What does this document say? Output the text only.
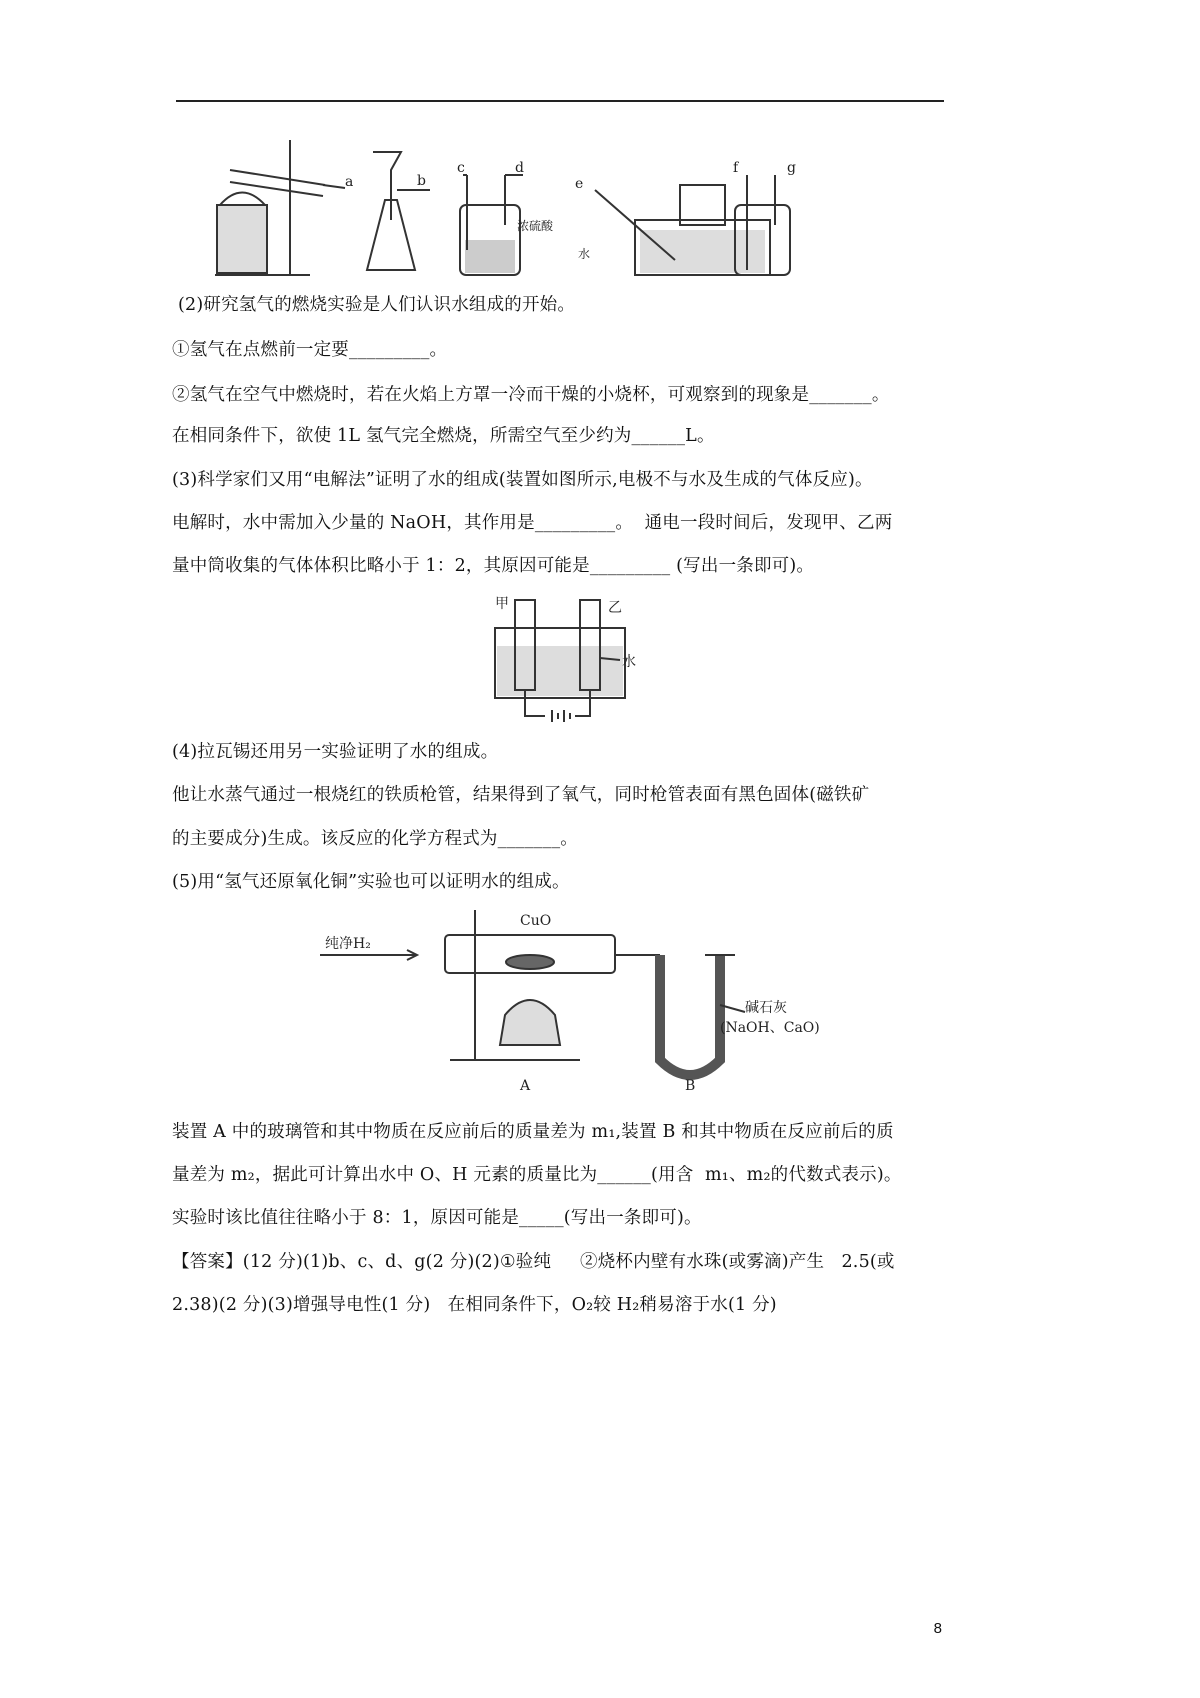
a	b
c	d
浓硫酸
e
水
f	g
甲	乙
水
纯净H₂
CuO
碱石灰
(NaOH、CaO)
A	B
(2)研究氢气的燃烧实验是人们认识水组成的开始。
①氢气在点燃前一定要_________。
②氢气在空气中燃烧时，若在火焰上方罩一冷而干燥的小烧杯，可观察到的现象是_______。
在相同条件下，欲使 1L 氢气完全燃烧，所需空气至少约为______L。
(3)科学家们又用“电解法”证明了水的组成(装置如图所示,电极不与水及生成的气体反应)。
电解时，水中需加入少量的 NaOH，其作用是_________。  通电一段时间后，发现甲、乙两
量中筒收集的气体体积比略小于 1：2，其原因可能是_________ (写出一条即可)。
(4)拉瓦锡还用另一实验证明了水的组成。
他让水蒸气通过一根烧红的铁质枪管，结果得到了氧气，同时枪管表面有黑色固体(磁铁矿
的主要成分)生成。该反应的化学方程式为_______。
(5)用“氢气还原氧化铜”实验也可以证明水的组成。
装置 A 中的玻璃管和其中物质在反应前后的质量差为 m₁,装置 B 和其中物质在反应前后的质
量差为 m₂，据此可计算出水中 O、H 元素的质量比为______(用含  m₁、m₂的代数式表示)。
实验时该比值往往略小于 8：1，原因可能是_____(写出一条即可)。
【答案】(12 分)(1)b、c、d、g(2 分)(2)①验纯     ②烧杯内壁有水珠(或雾滴)产生   2.5(或
2.38)(2 分)(3)增强导电性(1 分)   在相同条件下，O₂较 H₂稍易溶于水(1 分)
8
